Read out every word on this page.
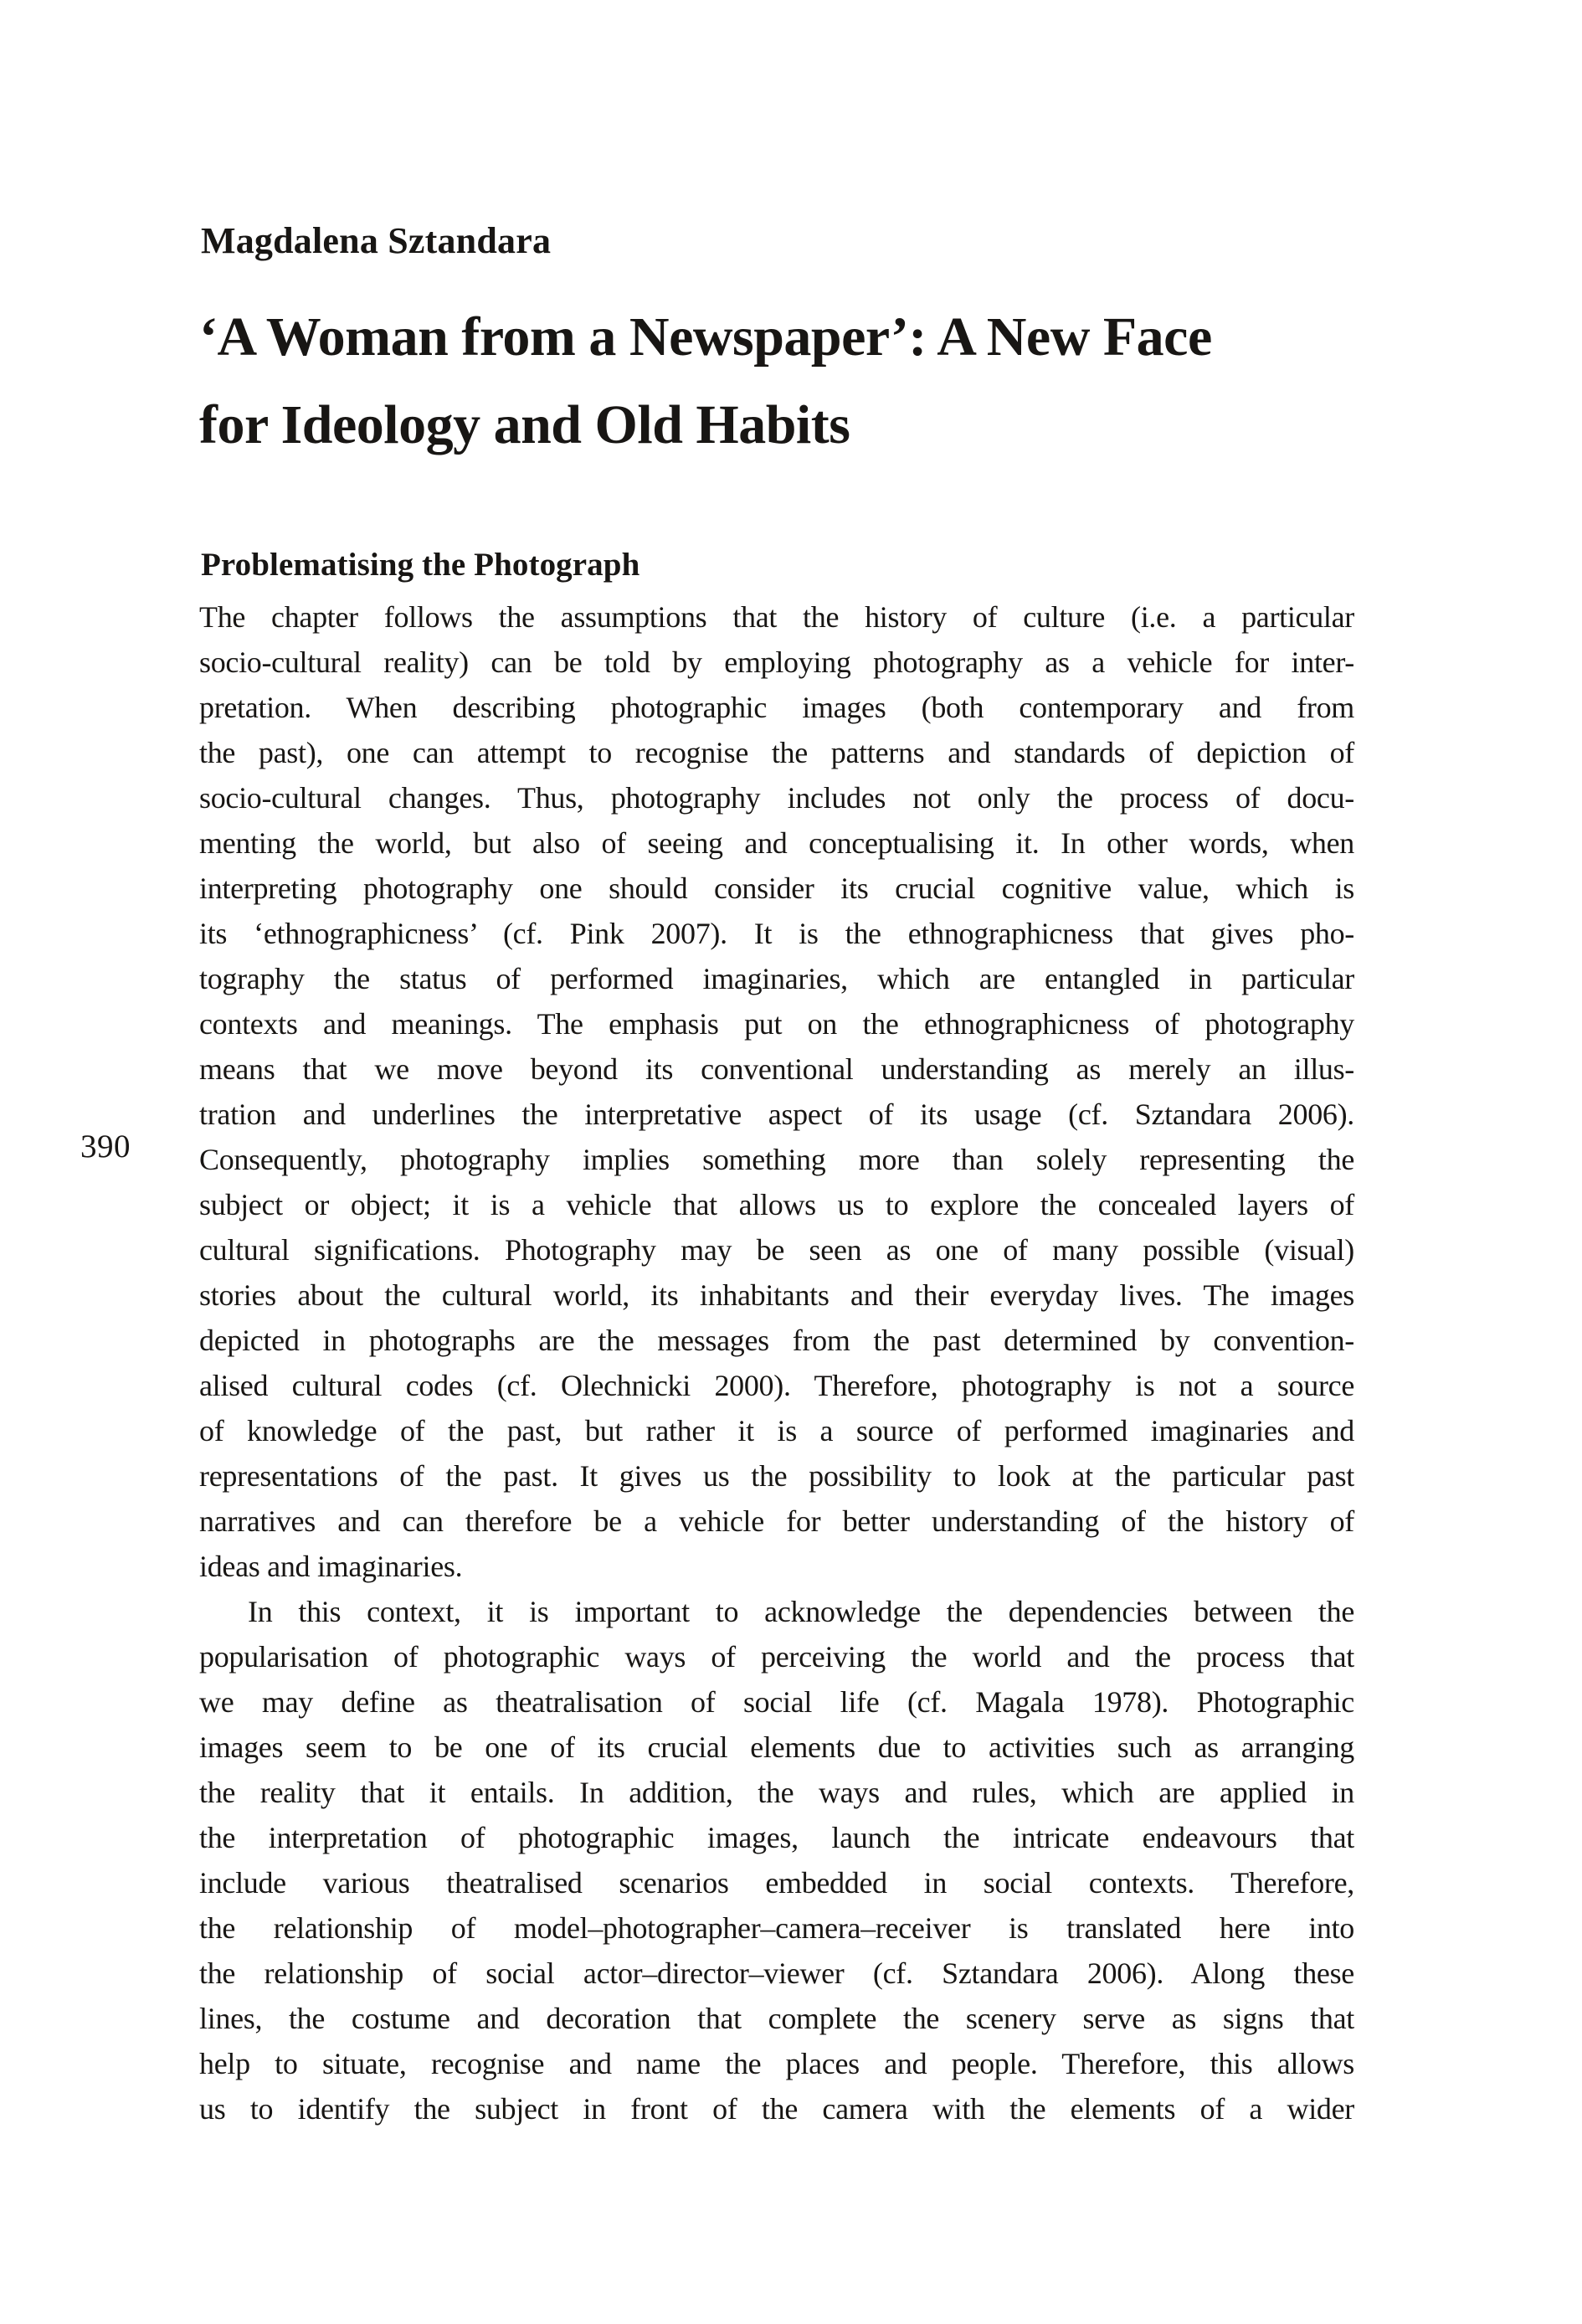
Magdalena Sztandara
‘A Woman from a Newspaper’: A New Face
for Ideology and Old Habits
Problematising the Photograph
The chapter follows the assumptions that the history of culture (i.e. a particular
socio-cultural reality) can be told by employing photography as a vehicle for inter-
pretation. When describing photographic images (both contemporary and from
the past), one can attempt to recognise the patterns and standards of depiction of
socio-cultural changes. Thus, photography includes not only the process of docu-
menting the world, but also of seeing and conceptualising it. In other words, when
interpreting photography one should consider its crucial cognitive value, which is
its ‘ethnographicness’ (cf. Pink 2007). It is the ethnographicness that gives pho-
tography the status of performed imaginaries, which are entangled in particular
contexts and meanings. The emphasis put on the ethnographicness of photography
means that we move beyond its conventional understanding as merely an illus-
tration and underlines the interpretative aspect of its usage (cf. Sztandara 2006).
Consequently, photography implies something more than solely representing the
subject or object; it is a vehicle that allows us to explore the concealed layers of
cultural significations. Photography may be seen as one of many possible (visual)
stories about the cultural world, its inhabitants and their everyday lives. The images
depicted in photographs are the messages from the past determined by convention-
alised cultural codes (cf. Olechnicki 2000). Therefore, photography is not a source
of knowledge of the past, but rather it is a source of performed imaginaries and
representations of the past. It gives us the possibility to look at the particular past
narratives and can therefore be a vehicle for better understanding of the history of
ideas and imaginaries.
In this context, it is important to acknowledge the dependencies between the
popularisation of photographic ways of perceiving the world and the process that
we may define as theatralisation of social life (cf. Magala 1978). Photographic
images seem to be one of its crucial elements due to activities such as arranging
the reality that it entails. In addition, the ways and rules, which are applied in
the interpretation of photographic images, launch the intricate endeavours that
include various theatralised scenarios embedded in social contexts. Therefore,
the relationship of model–photographer–camera–receiver is translated here into
the relationship of social actor–director–viewer (cf. Sztandara 2006). Along these
lines, the costume and decoration that complete the scenery serve as signs that
help to situate, recognise and name the places and people. Therefore, this allows
us to identify the subject in front of the camera with the elements of a wider
390
